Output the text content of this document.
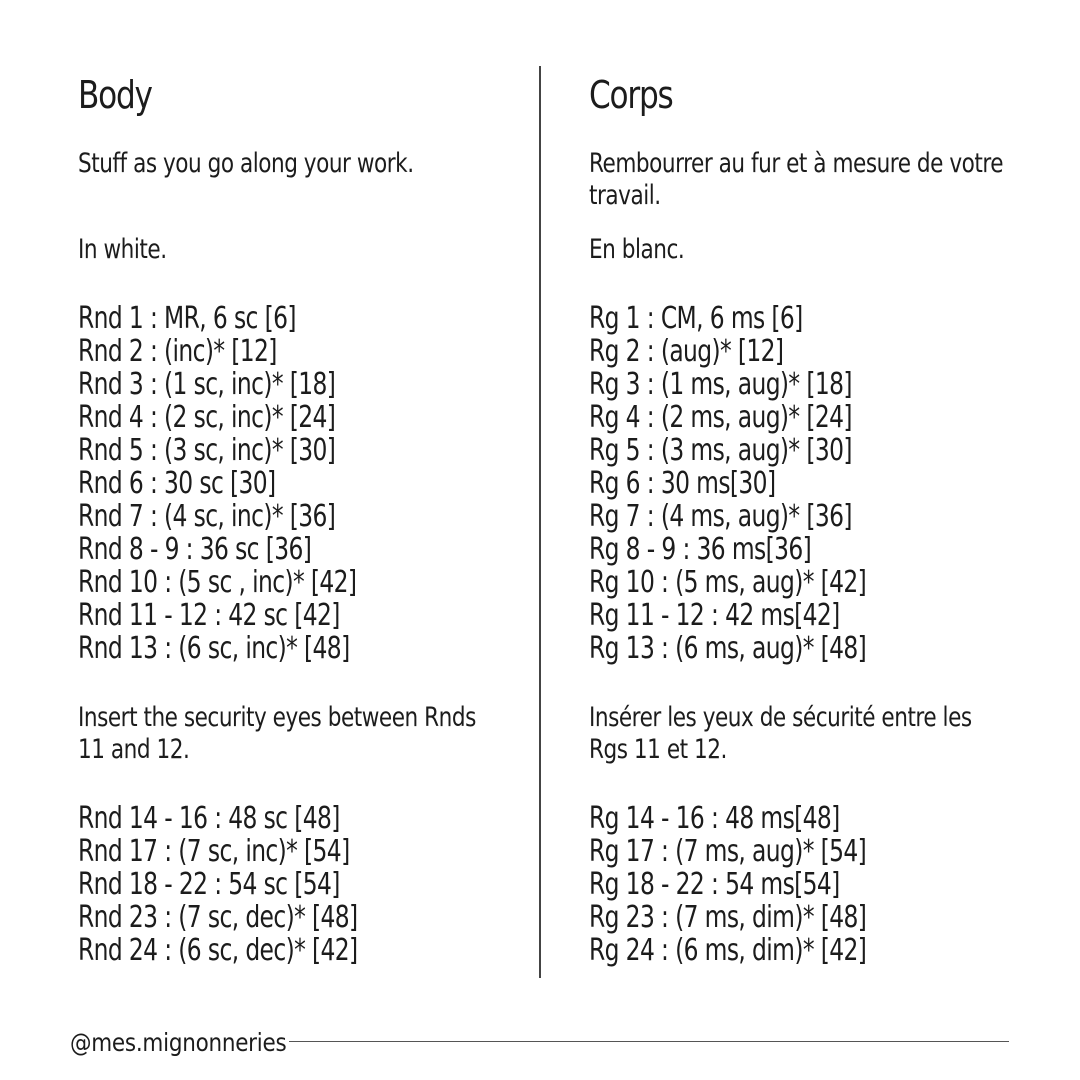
Body

Stuff as you go along your work.

In white.

Rnd 1 : MR, 6 sc [6]
Rnd 2 : (inc)* [12]
Rnd 3 : (1 sc, inc)* [18]
Rnd 4 : (2 sc, inc)* [24]
Rnd 5 : (3 sc, inc)* [30]
Rnd 6 : 30 sc [30]
Rnd 7 : (4 sc, inc)* [36]
Rnd 8 - 9 : 36 sc [36]
Rnd 10 : (5 sc , inc)* [42]
Rnd 11 - 12 : 42 sc [42]
Rnd 13 : (6 sc, inc)* [48]

Insert the security eyes between Rnds 11 and 12.

Rnd 14 - 16 : 48 sc [48]
Rnd 17 : (7 sc, inc)* [54]
Rnd 18 - 22 : 54 sc [54]
Rnd 23 : (7 sc, dec)* [48]
Rnd 24 : (6 sc, dec)* [42]
Corps

Rembourrer au fur et à mesure de votre travail.

En blanc.

Rg 1 : CM, 6 ms [6]
Rg 2 : (aug)* [12]
Rg 3 : (1 ms, aug)* [18]
Rg 4 : (2 ms, aug)* [24]
Rg 5 : (3 ms, aug)* [30]
Rg 6 : 30 ms[30]
Rg 7 : (4 ms, aug)* [36]
Rg 8 - 9 : 36 ms[36]
Rg 10 : (5 ms, aug)* [42]
Rg 11 - 12 : 42 ms[42]
Rg 13 : (6 ms, aug)* [48]

Insérer les yeux de sécurité entre les Rgs 11 et 12.

Rg 14 - 16 : 48 ms[48]
Rg 17 : (7 ms, aug)* [54]
Rg 18 - 22 : 54 ms[54]
Rg 23 : (7 ms, dim)* [48]
Rg 24 : (6 ms, dim)* [42]
@mes.mignonneries
